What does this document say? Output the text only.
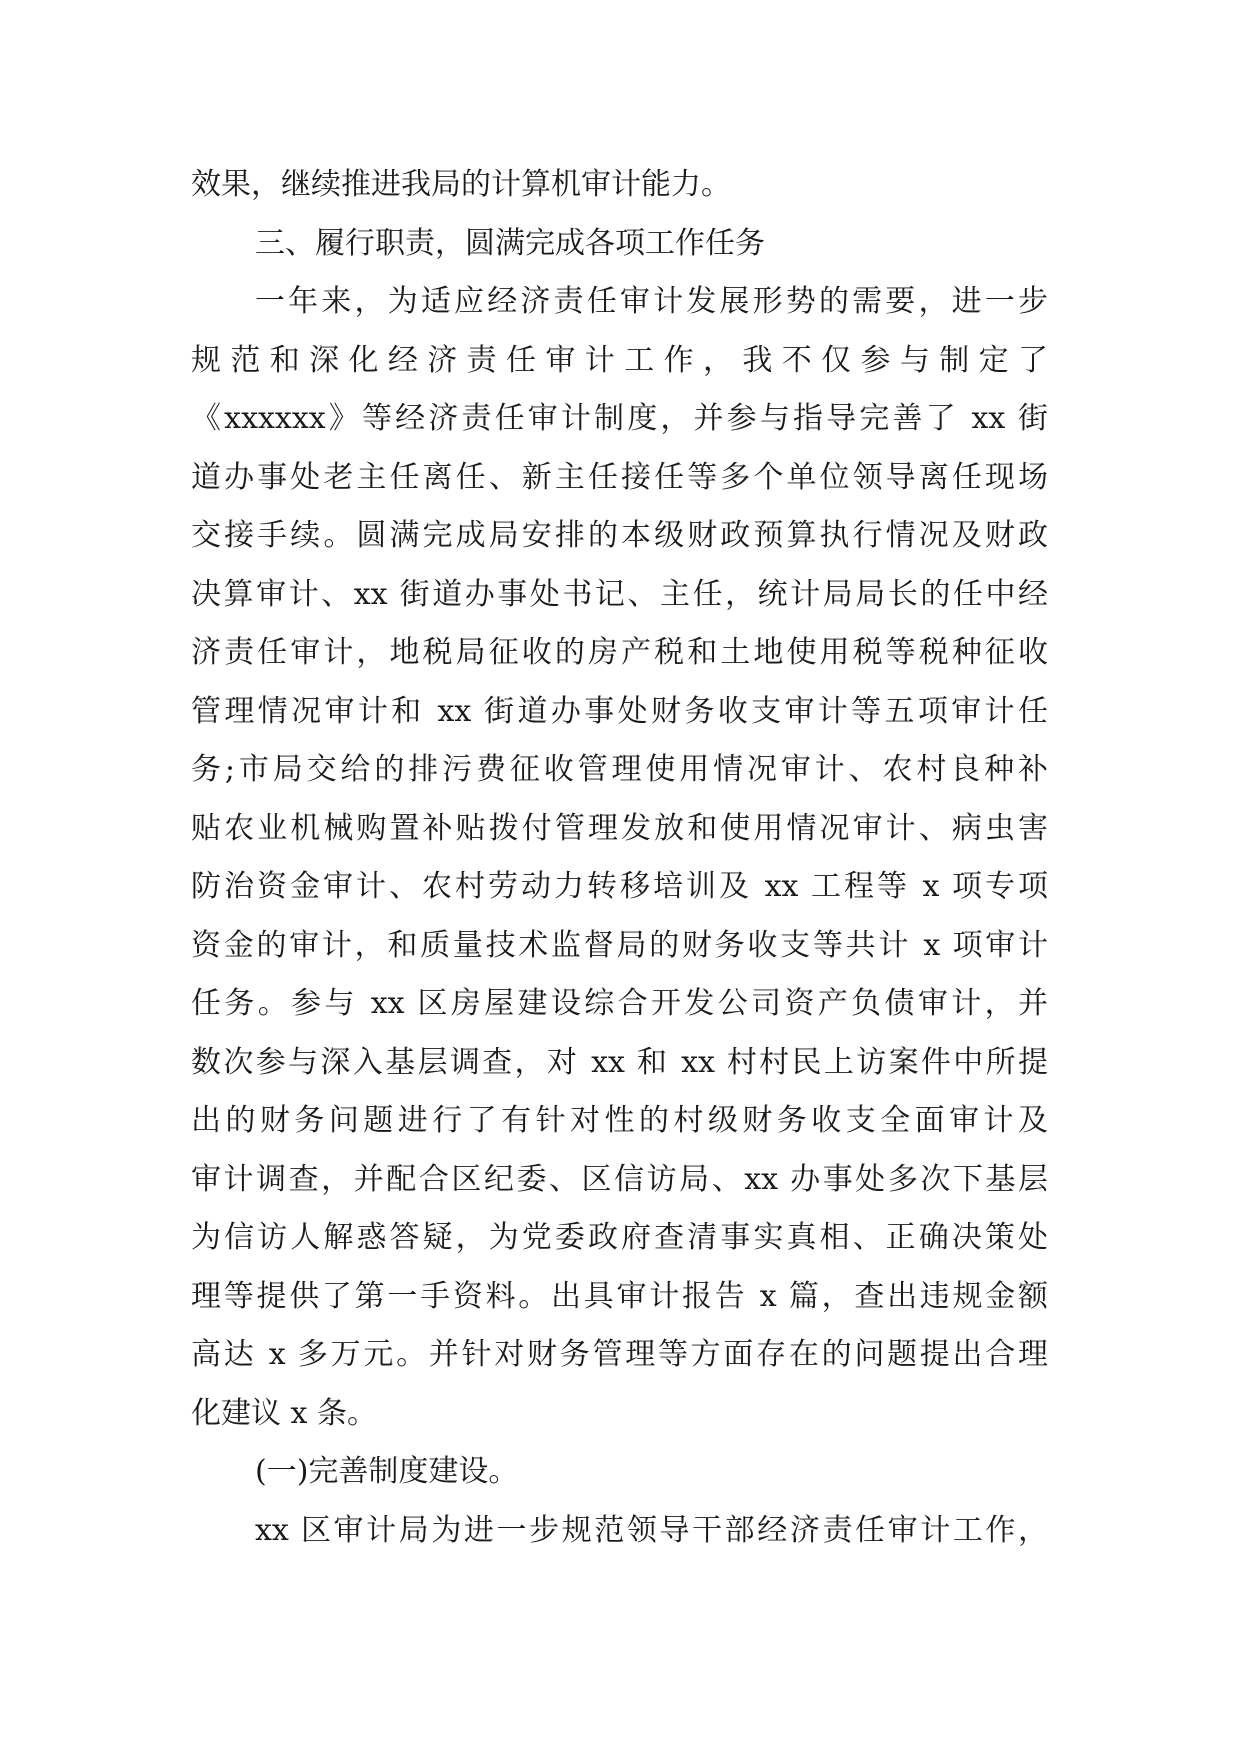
效果，继续推进我局的计算机审计能力。
三、履行职责，圆满完成各项工作任务
一年来，为适应经济责任审计发展形势的需要，进一步
规范和深化经济责任审计工作，我不仅参与制定了
《xxxxxx》等经济责任审计制度，并参与指导完善了 xx 街
道办事处老主任离任、新主任接任等多个单位领导离任现场
交接手续。圆满完成局安排的本级财政预算执行情况及财政
决算审计、xx 街道办事处书记、主任，统计局局长的任中经
济责任审计，地税局征收的房产税和土地使用税等税种征收
管理情况审计和 xx 街道办事处财务收支审计等五项审计任
务;市局交给的排污费征收管理使用情况审计、农村良种补
贴农业机械购置补贴拨付管理发放和使用情况审计、病虫害
防治资金审计、农村劳动力转移培训及 xx 工程等 x 项专项
资金的审计，和质量技术监督局的财务收支等共计 x 项审计
任务。参与 xx 区房屋建设综合开发公司资产负债审计，并
数次参与深入基层调查，对 xx 和 xx 村村民上访案件中所提
出的财务问题进行了有针对性的村级财务收支全面审计及
审计调查，并配合区纪委、区信访局、xx 办事处多次下基层
为信访人解惑答疑，为党委政府查清事实真相、正确决策处
理等提供了第一手资料。出具审计报告 x 篇，查出违规金额
高达 x 多万元。并针对财务管理等方面存在的问题提出合理
化建议 x 条。
(一)完善制度建设。
xx 区审计局为进一步规范领导干部经济责任审计工作，
